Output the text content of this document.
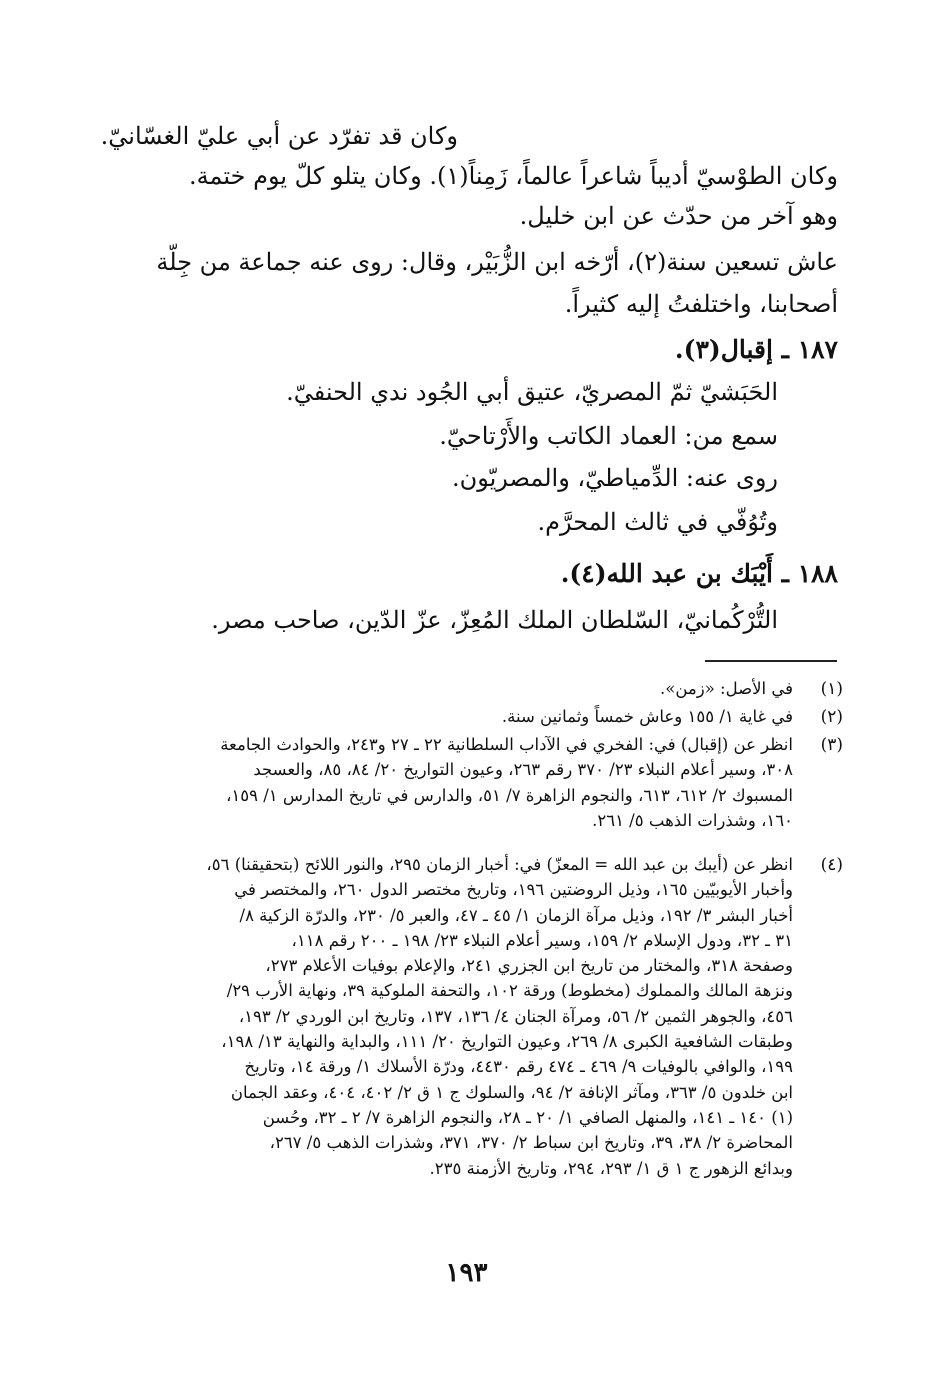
وكان قد تفرّد عن أبي عليّ الغسّانيّ.
وكان الطوْسيّ أديباً شاعراً عالماً، زَمِناً(١). وكان يتلو كلّ يوم ختمة.
وهو آخر من حدّث عن ابن خليل.
عاش تسعين سنة(٢)، أرّخه ابن الزُّبَيْر، وقال: روى عنه جماعة من جِلّة
أصحابنا، واختلفتُ إليه كثيراً.
١٨٧ ـ إقبال(٣).
الحَبَشيّ ثمّ المصريّ، عتيق أبي الجُود ندي الحنفيّ.
سمع من: العماد الكاتب والأَرْتاحيّ.
روى عنه: الدِّمياطيّ، والمصريّون.
وتُوُفّي في ثالث المحرَّم.
١٨٨ ـ أَيْبَك بن عبد الله(٤).
التُّرْكُمانيّ، السّلطان الملك المُعِزّ، عزّ الدّين، صاحب مصر.
(١)
في الأصل: «زمن».
(٢)
في غاية ١/ ١٥٥ وعاش خمساً وثمانين سنة.
(٣)
انظر عن (إقبال) في: الفخري في الآداب السلطانية ٢٢ ـ ٢٧ و٢٤٣، والحوادث الجامعة
٣٠٨، وسير أعلام النبلاء ٢٣/ ٣٧٠ رقم ٢٦٣، وعيون التواريخ ٢٠/ ٨٤، ٨٥، والعسجد
المسبوك ٢/ ٦١٢، ٦١٣، والنجوم الزاهرة ٧/ ٥١، والدارس في تاريخ المدارس ١/ ١٥٩،
١٦٠، وشذرات الذهب ٥/ ٢٦١.
(٤)
انظر عن (أيبك بن عبد الله = المعزّ) في: أخبار الزمان ٢٩٥، والنور اللائح (بتحقيقنا) ٥٦،
وأخبار الأيوبيّين ١٦٥، وذيل الروضتين ١٩٦، وتاريخ مختصر الدول ٢٦٠، والمختصر في
أخبار البشر ٣/ ١٩٢، وذيل مرآة الزمان ١/ ٤٥ ـ ٤٧، والعبر ٥/ ٢٣٠، والدرّة الزكية ٨/
٣١ ـ ٣٢، ودول الإسلام ٢/ ١٥٩، وسير أعلام النبلاء ٢٣/ ١٩٨ ـ ٢٠٠ رقم ١١٨،
وصفحة ٣١٨، والمختار من تاريخ ابن الجزري ٢٤١، والإعلام بوفيات الأعلام ٢٧٣،
ونزهة المالك والمملوك (مخطوط) ورقة ١٠٢، والتحفة الملوكية ٣٩، ونهاية الأرب ٢٩/
٤٥٦، والجوهر الثمين ٢/ ٥٦، ومرآة الجنان ٤/ ١٣٦، ١٣٧، وتاريخ ابن الوردي ٢/ ١٩٣،
وطبقات الشافعية الكبرى ٨/ ٢٦٩، وعيون التواريخ ٢٠/ ١١١، والبداية والنهاية ١٣/ ١٩٨،
١٩٩، والوافي بالوفيات ٩/ ٤٦٩ ـ ٤٧٤ رقم ٤٤٣٠، ودرّة الأسلاك ١/ ورقة ١٤، وتاريخ
ابن خلدون ٥/ ٣٦٣، ومآثر الإنافة ٢/ ٩٤، والسلوك ج ١ ق ٢/ ٤٠٢، ٤٠٤، وعقد الجمان
(١) ١٤٠ ـ ١٤١، والمنهل الصافي ١/ ٢٠ ـ ٢٨، والنجوم الزاهرة ٧/ ٢ ـ ٣٢، وحُسن
المحاضرة ٢/ ٣٨، ٣٩، وتاريخ ابن سباط ٢/ ٣٧٠، ٣٧١، وشذرات الذهب ٥/ ٢٦٧،
وبدائع الزهور ج ١ ق ١/ ٢٩٣، ٢٩٤، وتاريخ الأزمنة ٢٣٥.
١٩٣
